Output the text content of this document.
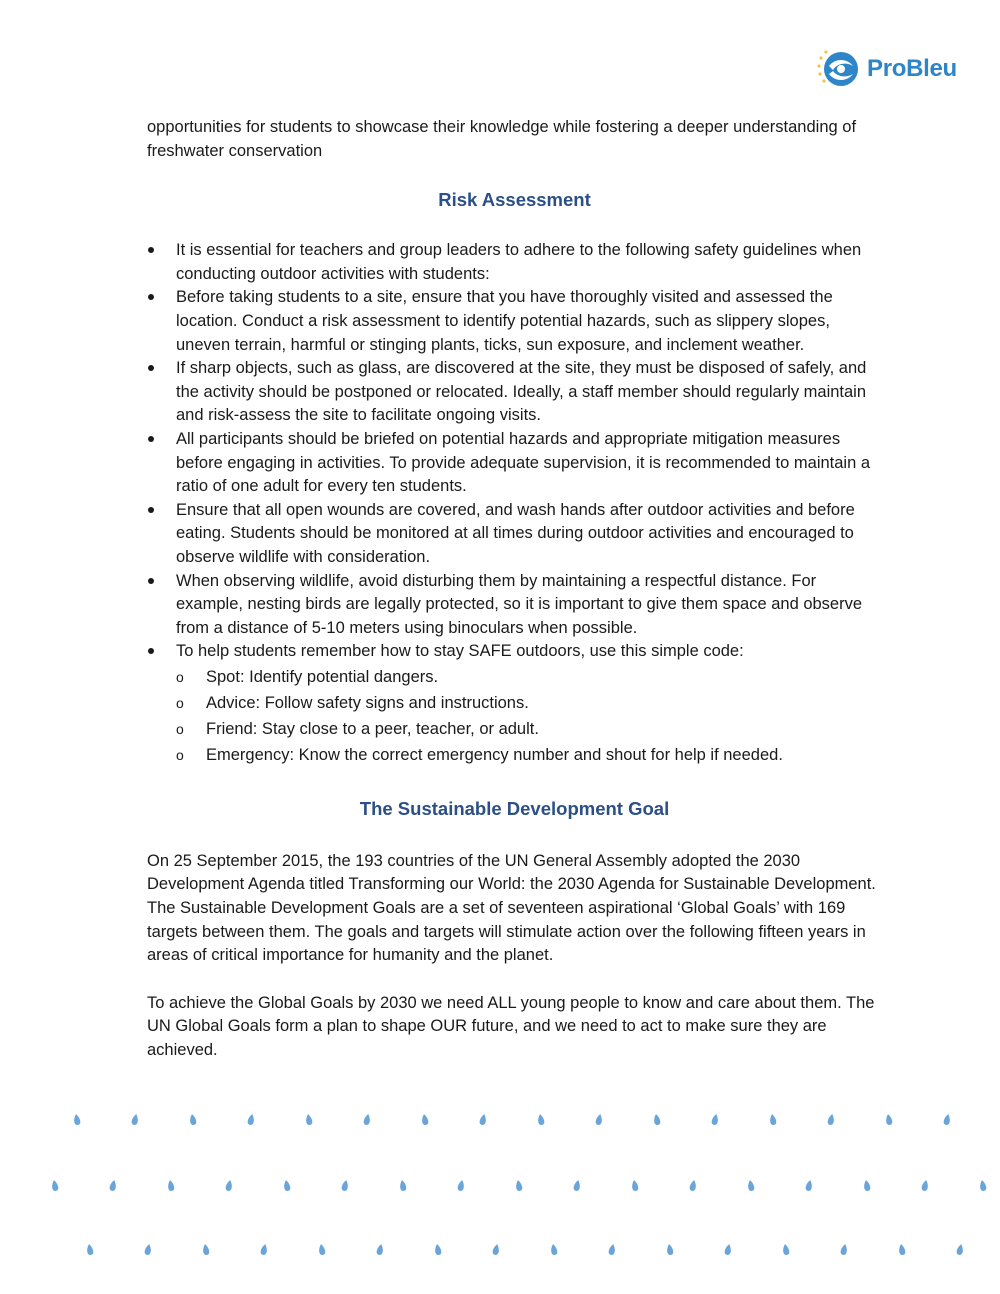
ProBleu

opportunities for students to showcase their knowledge while fostering a deeper understanding of freshwater conservation

Risk Assessment
It is essential for teachers and group leaders to adhere to the following safety guidelines when conducting outdoor activities with students:
Before taking students to a site, ensure that you have thoroughly visited and assessed the location. Conduct a risk assessment to identify potential hazards, such as slippery slopes, uneven terrain, harmful or stinging plants, ticks, sun exposure, and inclement weather.
If sharp objects, such as glass, are discovered at the site, they must be disposed of safely, and the activity should be postponed or relocated. Ideally, a staff member should regularly maintain and risk-assess the site to facilitate ongoing visits.
All participants should be briefed on potential hazards and appropriate mitigation measures before engaging in activities. To provide adequate supervision, it is recommended to maintain a ratio of one adult for every ten students.
Ensure that all open wounds are covered, and wash hands after outdoor activities and before eating. Students should be monitored at all times during outdoor activities and encouraged to observe wildlife with consideration.
When observing wildlife, avoid disturbing them by maintaining a respectful distance. For example, nesting birds are legally protected, so it is important to give them space and observe from a distance of 5-10 meters using binoculars when possible.
To help students remember how to stay SAFE outdoors, use this simple code:
o Spot: Identify potential dangers.
o Advice: Follow safety signs and instructions.
o Friend: Stay close to a peer, teacher, or adult.
o Emergency: Know the correct emergency number and shout for help if needed.
The Sustainable Development Goal

On 25 September 2015, the 193 countries of the UN General Assembly adopted the 2030 Development Agenda titled Transforming our World: the 2030 Agenda for Sustainable Development. The Sustainable Development Goals are a set of seventeen aspirational ‘Global Goals’ with 169 targets between them. The goals and targets will stimulate action over the following fifteen years in areas of critical importance for humanity and the planet.

To achieve the Global Goals by 2030 we need ALL young people to know and care about them. The UN Global Goals form a plan to shape OUR future, and we need to act to make sure they are achieved.
